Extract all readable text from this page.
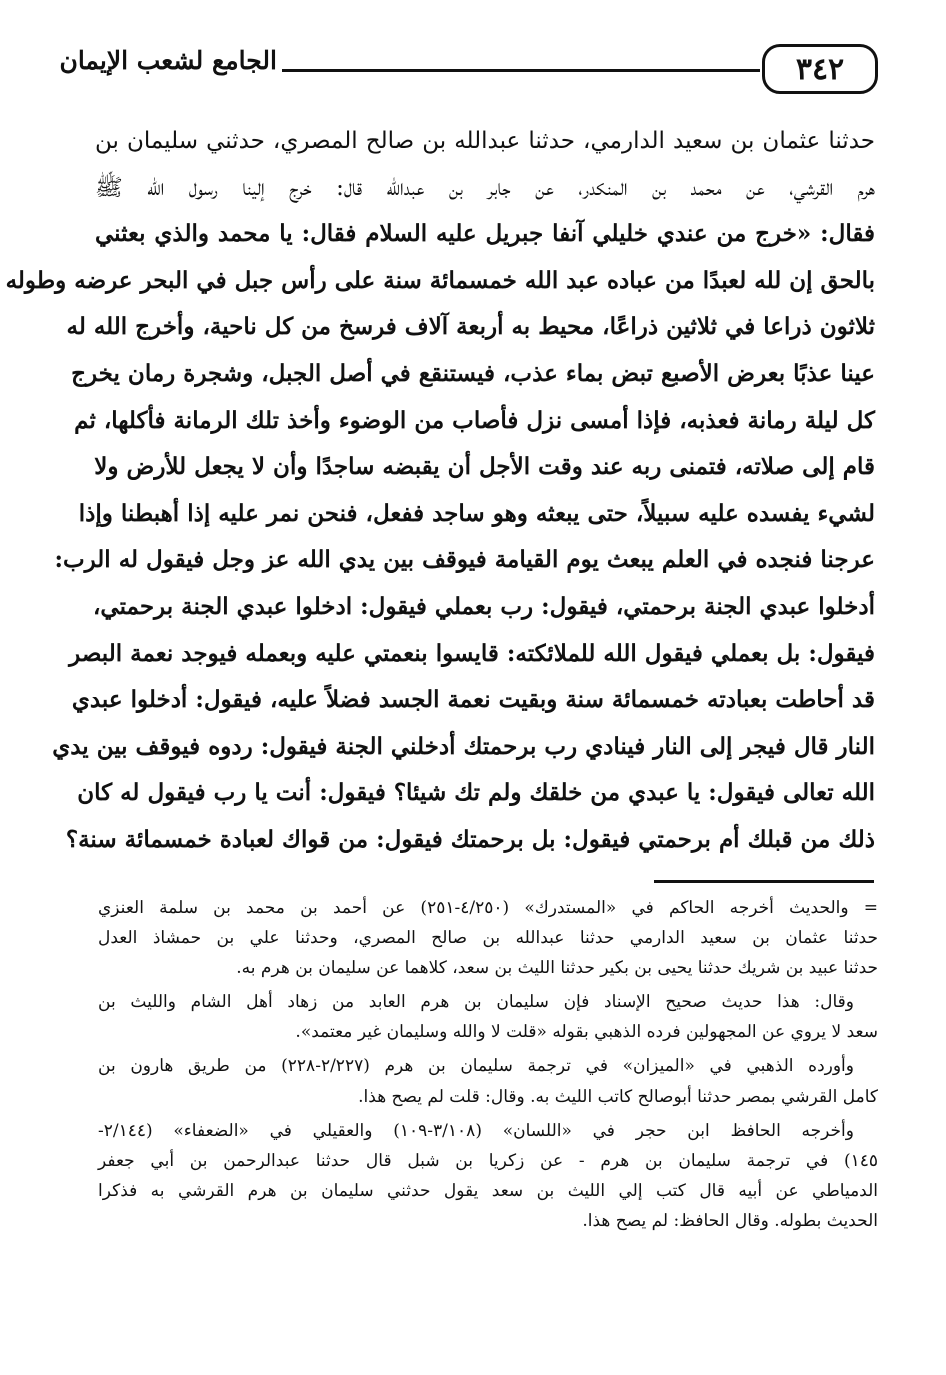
٣٤٢
الجامع لشعب الإيمان
حدثنا عثمان بن سعيد الدارمي، حدثنا عبدالله بن صالح المصري، حدثني سليمان بن
هرم القرشي، عن محمد بن المنكدر، عن جابر بن عبدالله قال: خرج إلينا رسول الله ﷺ
فقال: «خرج من عندي خليلي آنفا جبريل عليه السلام فقال: يا محمد والذي بعثني
بالحق إن لله لعبدًا من عباده عبد الله خمسمائة سنة على رأس جبل في البحر عرضه وطوله
ثلاثون ذراعا في ثلاثين ذراعًا، محيط به أربعة آلاف فرسخ من كل ناحية، وأخرج الله له
عينا عذبًا بعرض الأصبع تبض بماء عذب، فيستنقع في أصل الجبل، وشجرة رمان يخرج
كل ليلة رمانة فعذبه، فإذا أمسى نزل فأصاب من الوضوء وأخذ تلك الرمانة فأكلها، ثم
قام إلى صلاته، فتمنى ربه عند وقت الأجل أن يقبضه ساجدًا وأن لا يجعل للأرض ولا
لشيء يفسده عليه سبيلاً، حتى يبعثه وهو ساجد ففعل، فنحن نمر عليه إذا أهبطنا وإذا
عرجنا فنجده في العلم يبعث يوم القيامة فيوقف بين يدي الله عز وجل فيقول له الرب:
أدخلوا عبدي الجنة برحمتي، فيقول: رب بعملي فيقول: ادخلوا عبدي الجنة برحمتي،
فيقول: بل بعملي فيقول الله للملائكته: قايسوا بنعمتي عليه وبعمله فيوجد نعمة البصر
قد أحاطت بعبادته خمسمائة سنة وبقيت نعمة الجسد فضلاً عليه، فيقول: أدخلوا عبدي
النار قال فيجر إلى النار فينادي رب برحمتك أدخلني الجنة فيقول: ردوه فيوقف بين يدي
الله تعالى فيقول: يا عبدي من خلقك ولم تك شيئا؟ فيقول: أنت يا رب فيقول له كان
ذلك من قبلك أم برحمتي فيقول: بل برحمتك فيقول: من قواك لعبادة خمسمائة سنة؟
= والحديث أخرجه الحاكم في «المستدرك» (٤/٢٥٠-٢٥١) عن أحمد بن محمد بن سلمة العنزي
حدثنا عثمان بن سعيد الدارمي حدثنا عبدالله بن صالح المصري، وحدثنا علي بن حمشاذ العدل
حدثنا عبيد بن شريك حدثنا يحيى بن بكير حدثنا الليث بن سعد، كلاهما عن سليمان بن هرم به.
وقال: هذا حديث صحيح الإسناد فإن سليمان بن هرم العابد من زهاد أهل الشام والليث بن
سعد لا يروي عن المجهولين فرده الذهبي بقوله «قلت لا والله وسليمان غير معتمد».
وأورده الذهبي في «الميزان» في ترجمة سليمان بن هرم (٢/٢٢٧-٢٢٨) من طريق هارون بن
كامل القرشي بمصر حدثنا أبوصالح كاتب الليث به. وقال: قلت لم يصح هذا.
وأخرجه الحافظ ابن حجر في «اللسان» (٣/١٠٨-١٠٩) والعقيلي في «الضعفاء» (٢/١٤٤-
١٤٥) في ترجمة سليمان بن هرم - عن زكريا بن شبل قال حدثنا عبدالرحمن بن أبي جعفر
الدمياطي عن أبيه قال كتب إلي الليث بن سعد يقول حدثني سليمان بن هرم القرشي به فذكرا
الحديث بطوله. وقال الحافظ: لم يصح هذا.
